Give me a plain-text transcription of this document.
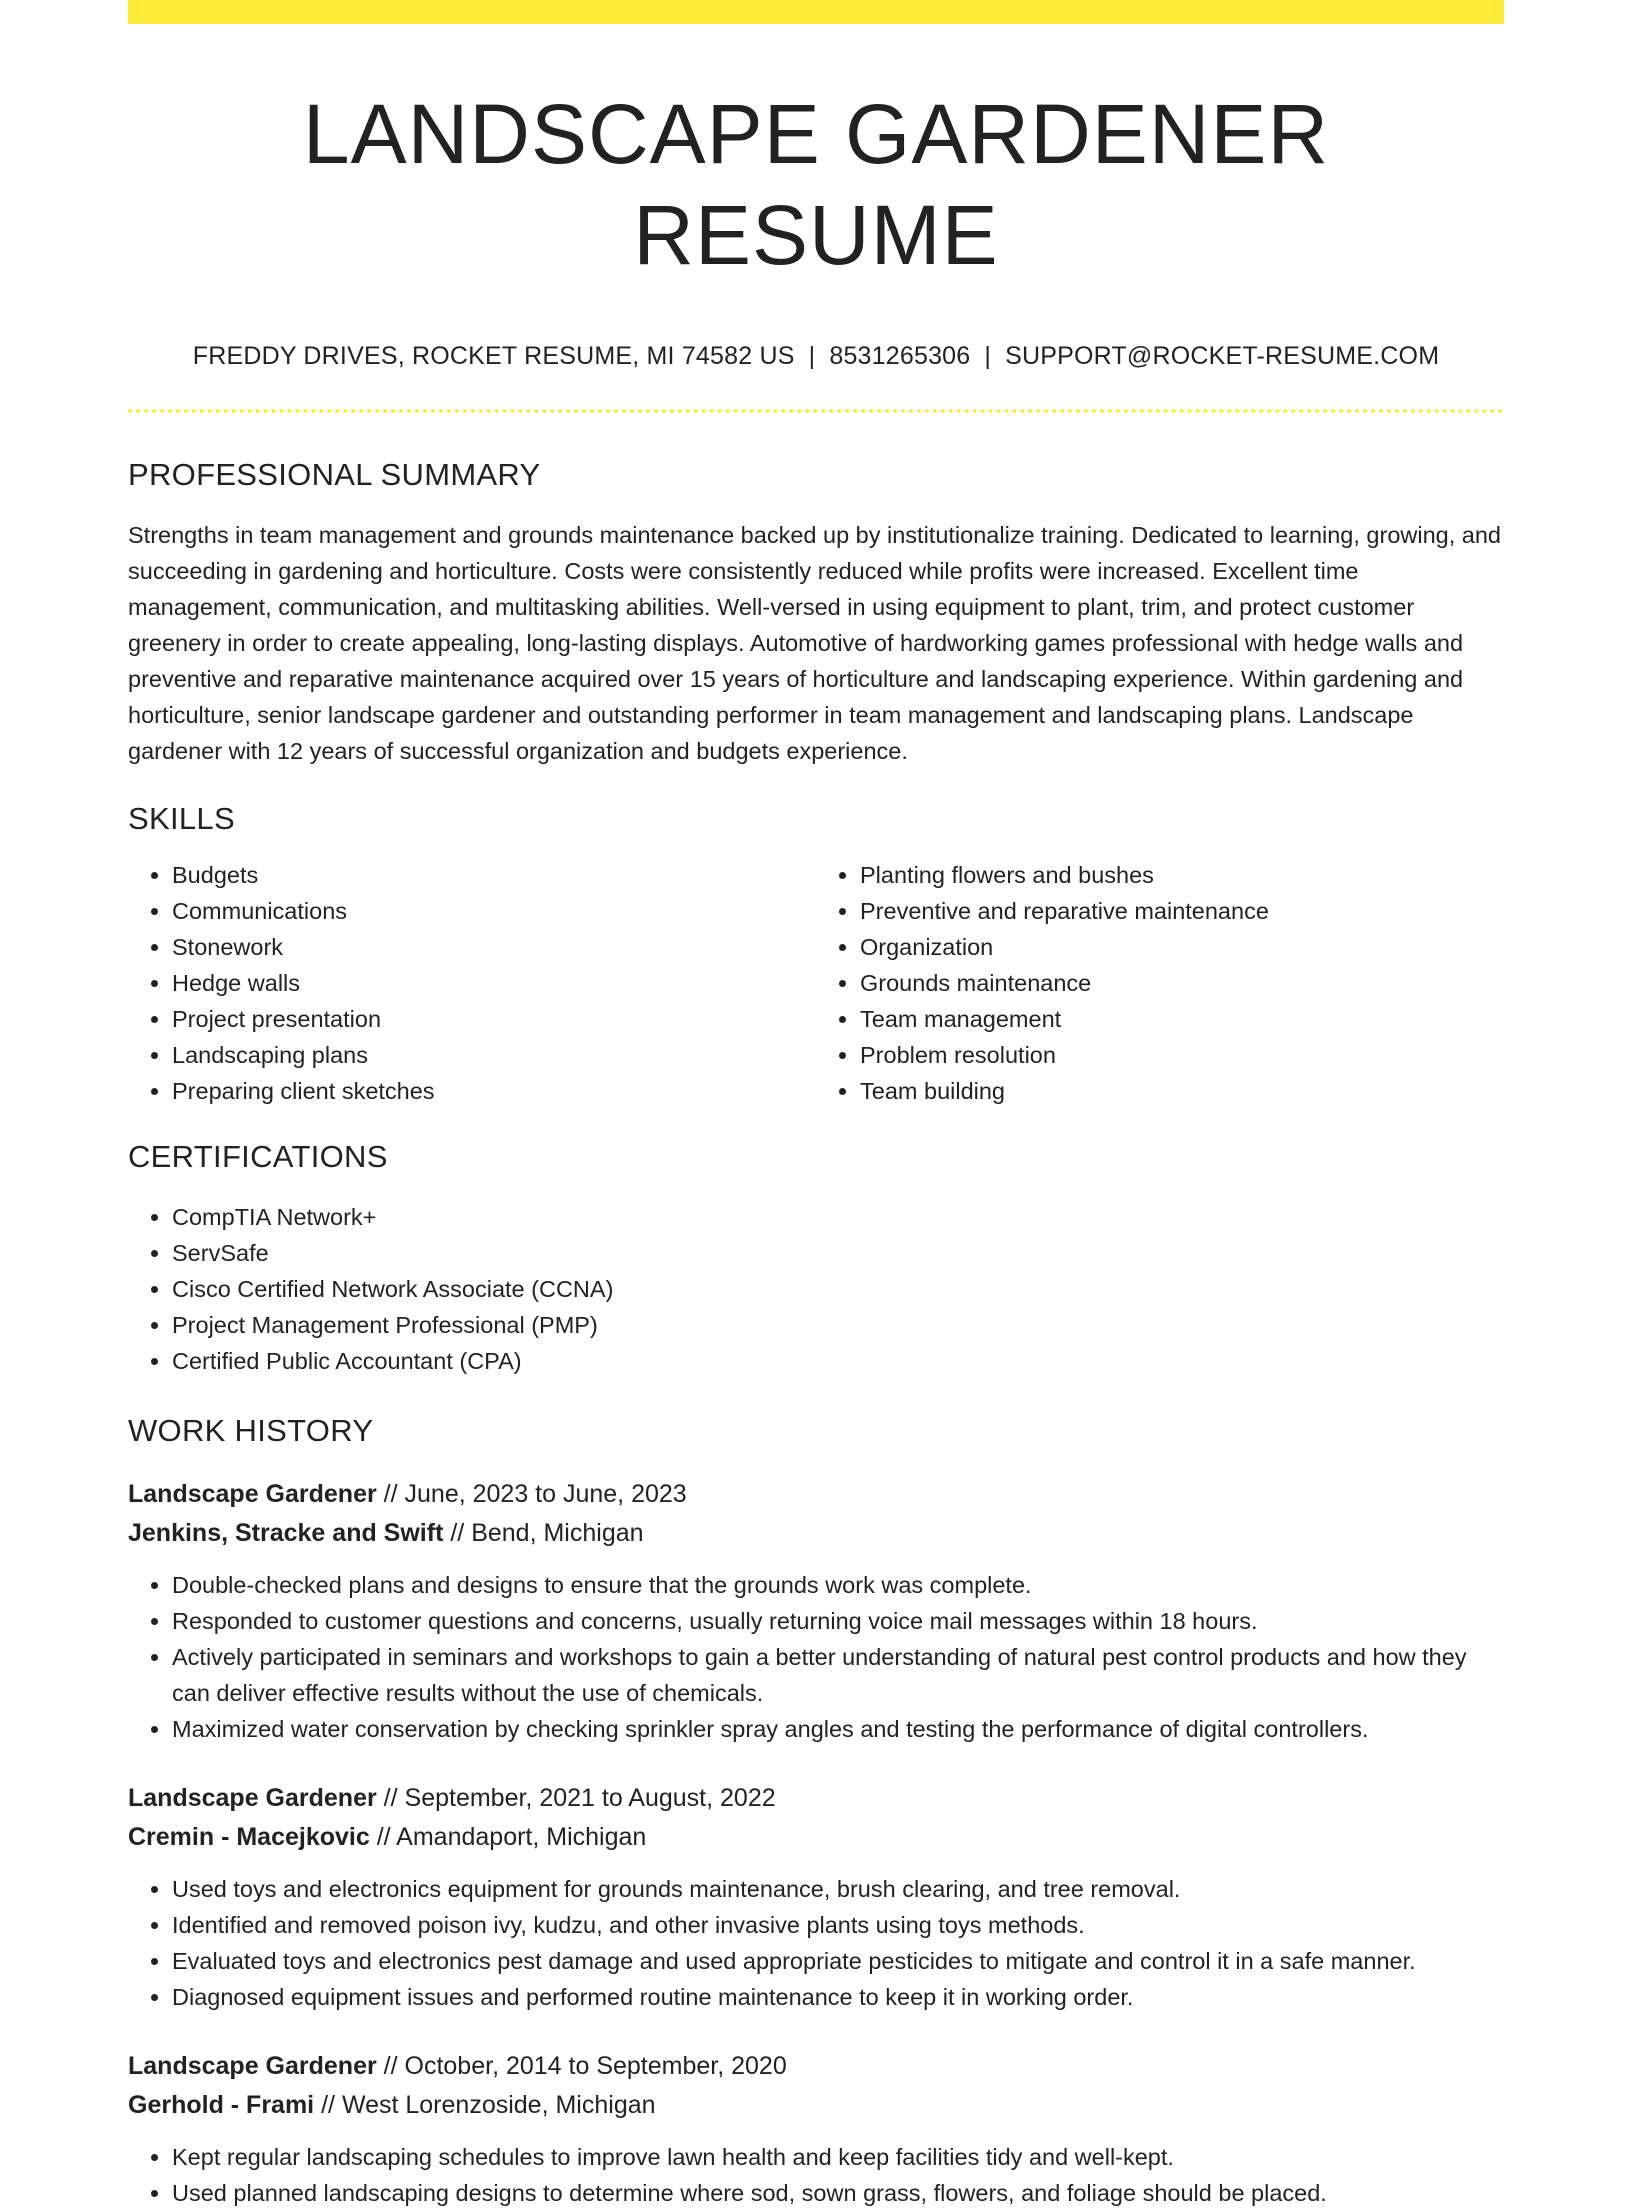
LANDSCAPE GARDENER RESUME
FREDDY DRIVES, ROCKET RESUME, MI 74582 US | 8531265306 | SUPPORT@ROCKET-RESUME.COM
PROFESSIONAL SUMMARY

Strengths in team management and grounds maintenance backed up by institutionalize training. Dedicated to learning, growing, and succeeding in gardening and horticulture. Costs were consistently reduced while profits were increased. Excellent time management, communication, and multitasking abilities. Well-versed in using equipment to plant, trim, and protect customer greenery in order to create appealing, long-lasting displays. Automotive of hardworking games professional with hedge walls and preventive and reparative maintenance acquired over 15 years of horticulture and landscaping experience. Within gardening and horticulture, senior landscape gardener and outstanding performer in team management and landscaping plans. Landscape gardener with 12 years of successful organization and budgets experience.

SKILLS
• Budgets
• Communications
• Stonework
• Hedge walls
• Project presentation
• Landscaping plans
• Preparing client sketches
• Planting flowers and bushes
• Preventive and reparative maintenance
• Organization
• Grounds maintenance
• Team management
• Problem resolution
• Team building
CERTIFICATIONS
• CompTIA Network+
• ServSafe
• Cisco Certified Network Associate (CCNA)
• Project Management Professional (PMP)
• Certified Public Accountant (CPA)
WORK HISTORY
Landscape Gardener // June, 2023 to June, 2023
Jenkins, Stracke and Swift // Bend, Michigan
• Double-checked plans and designs to ensure that the grounds work was complete.
• Responded to customer questions and concerns, usually returning voice mail messages within 18 hours.
• Actively participated in seminars and workshops to gain a better understanding of natural pest control products and how they can deliver effective results without the use of chemicals.
• Maximized water conservation by checking sprinkler spray angles and testing the performance of digital controllers.
Landscape Gardener // September, 2021 to August, 2022
Cremin - Macejkovic // Amandaport, Michigan
• Used toys and electronics equipment for grounds maintenance, brush clearing, and tree removal.
• Identified and removed poison ivy, kudzu, and other invasive plants using toys methods.
• Evaluated toys and electronics pest damage and used appropriate pesticides to mitigate and control it in a safe manner.
• Diagnosed equipment issues and performed routine maintenance to keep it in working order.
Landscape Gardener // October, 2014 to September, 2020
Gerhold - Frami // West Lorenzoside, Michigan
• Kept regular landscaping schedules to improve lawn health and keep facilities tidy and well-kept.
• Used planned landscaping designs to determine where sod, sown grass, flowers, and foliage should be placed.
